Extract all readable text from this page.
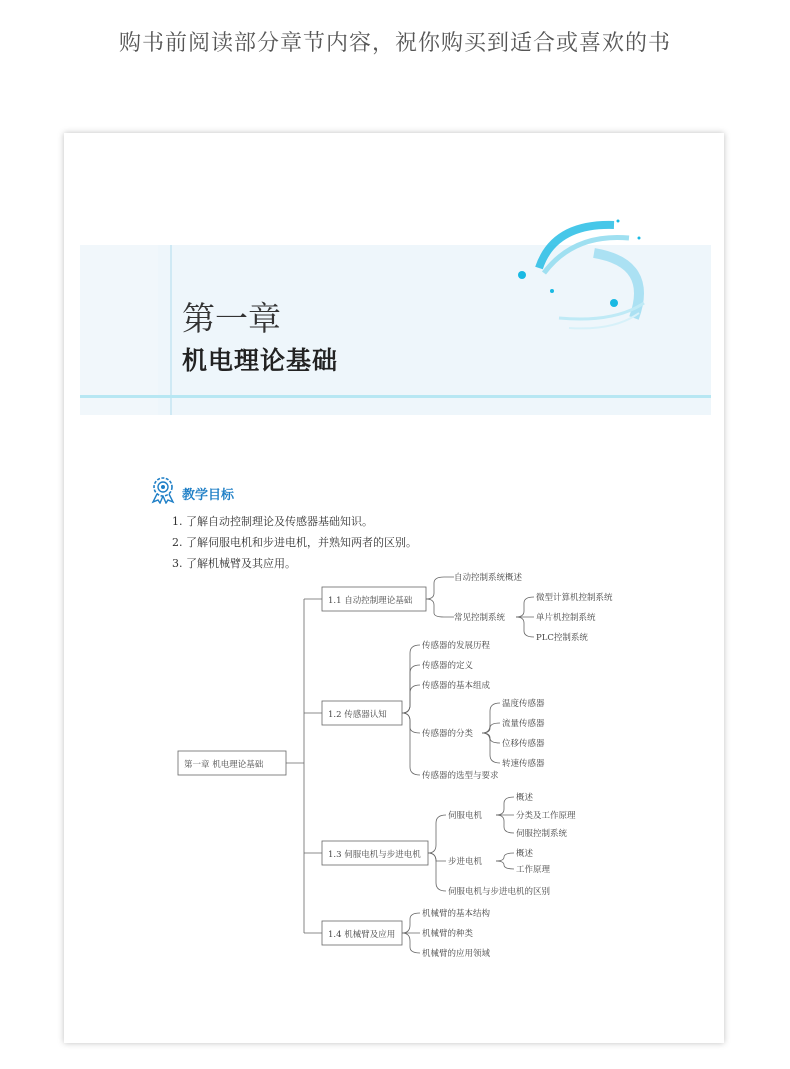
购书前阅读部分章节内容，祝你购买到适合或喜欢的书
第一章
机电理论基础
教学目标
1. 了解自动控制理论及传感器基础知识。
2. 了解伺服电机和步进电机，并熟知两者的区别。
3. 了解机械臂及其应用。
第一章 机电理论基础
1.1 自动控制理论基础
1.2 传感器认知
1.3 伺服电机与步进电机
1.4 机械臂及应用
自动控制系统概述
常见控制系统
微型计算机控制系统
单片机控制系统
PLC控制系统
传感器的发展历程
传感器的定义
传感器的基本组成
传感器的分类
传感器的选型与要求
温度传感器
流量传感器
位移传感器
转速传感器
伺服电机
步进电机
伺服电机与步进电机的区别
概述
分类及工作原理
伺服控制系统
概述
工作原理
机械臂的基本结构
机械臂的种类
机械臂的应用领域
